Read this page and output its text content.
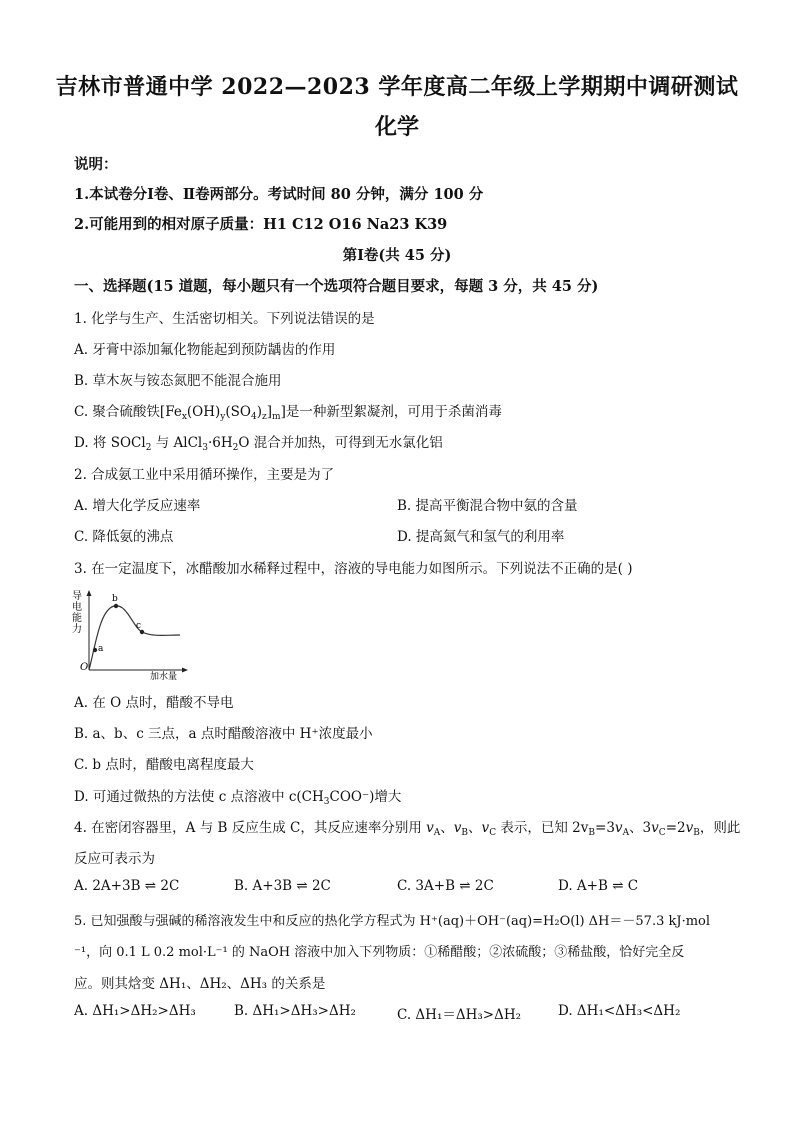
吉林市普通中学 2022—2023 学年度高二年级上学期期中调研测试
化学
说明：
1.本试卷分Ⅰ卷、Ⅱ卷两部分。考试时间 80 分钟，满分 100 分
2.可能用到的相对原子质量：H1 C12 O16 Na23 K39
第Ⅰ卷(共 45 分)
一、选择题(15 道题，每小题只有一个选项符合题目要求，每题 3 分，共 45 分)
1. 化学与生产、生活密切相关。下列说法错误的是
A. 牙膏中添加氟化物能起到预防龋齿的作用
B. 草木灰与铵态氮肥不能混合施用
C. 聚合硫酸铁$[Fe_x(OH)_y(SO_4)_z]_m$]是一种新型絮凝剂，可用于杀菌消毒
D. 将 SOCl$_2$ 与 $AlCl_3\cdot 6H_2O$ 混合并加热，可得到无水氯化铝
2. 合成氨工业中采用循环操作，主要是为了
A. 增大化学反应速率	B. 提高平衡混合物中氨的含量
C. 降低氨的沸点	D. 提高氮气和氢气的利用率
3. 在一定温度下，冰醋酸加水稀释过程中，溶液的导电能力如图所示。下列说法不正确的是( )
导
电
能
力
O
a
b
c
加水量
A. 在 O 点时，醋酸不导电
B. a、b、c 三点，a 点时醋酸溶液中 H⁺浓度最小
C. b 点时，醋酸电离程度最大
D. 可通过微热的方法使 c 点溶液中 $c(CH_3COO^-)$增大
4. 在密闭容器里，A 与 B 反应生成 C，其反应速率分别用 $v_A$、$v_B$、$v_C$ 表示，已知 $2v_B=3v_A$、$3v_C=2v_B$，则此
反应可表示为
A. 2A+3B ⇌ 2C	B. A+3B ⇌ 2C	C. 3A+B ⇌ 2C	D. A+B ⇌ C
5. 已知强酸与强碱的稀溶液发生中和反应的热化学方程式为 H⁺(aq)＋OH⁻(aq)=H₂O(l) ΔH＝－57.3 kJ·mol
⁻¹，向 0.1 L 0.2 mol·L⁻¹ 的 NaOH 溶液中加入下列物质：①稀醋酸；②浓硫酸；③稀盐酸，恰好完全反
应。则其焓变 ΔH₁、ΔH₂、ΔH₃ 的关系是
A. ΔH₁>ΔH₂>ΔH₃	B. ΔH₁>ΔH₃>ΔH₂	C. ΔH₁＝ΔH₃>ΔH₂	D. ΔH₁<ΔH₃<ΔH₂
